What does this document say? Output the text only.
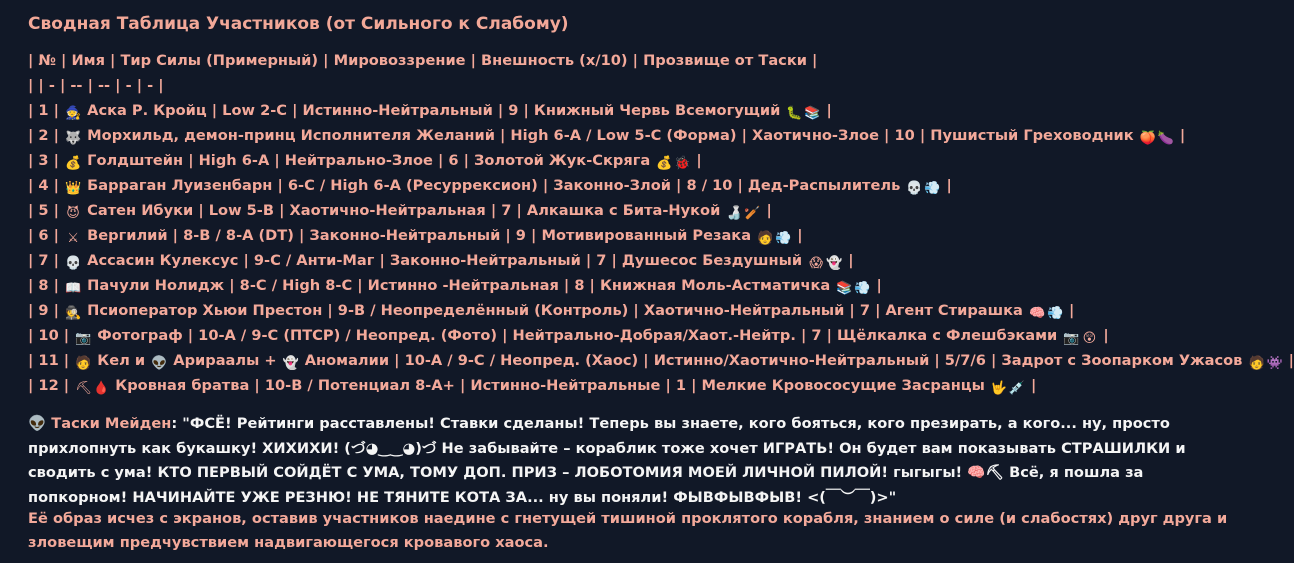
Сводная Таблица Участников (от Сильного к Слабому)
| № | Имя | Тир Силы (Примерный) | Мировоззрение | Внешность (x/10) | Прозвище от Таски |
| | - | -- | -- | - | - |
| 1 | 🧙 Аска Р. Кройц | Low 2-C | Истинно-Нейтральный | 9 | Книжный Червь Всемогущий 🐛 📚 |
| 2 | 🐺 Морхильд, демон-принц Исполнителя Желаний | High 6-A / Low 5-C (Форма) | Хаотично-Злое | 10 | Пушистый Греховодник 🍑 🍆 |
| 3 | 💰 Голдштейн | High 6-A | Нейтрально-Злое | 6 | Золотой Жук-Скряга 💰 🐞 |
| 4 | 👑 Барраган Луизенбарн | 6-C / High 6-A (Ресуррексион) | Законно-Злой | 8 / 10 | Дед-Распылитель 💀 💨 |
| 5 | 😈 Сатен Ибуки | Low 5-B | Хаотично-Нейтральная | 7 | Алкашка с Бита-Нукой 🍶 🏏 |
| 6 | ⚔ Вергилий | 8-B / 8-A (DT) | Законно-Нейтральный | 9 | Мотивированный Резака 🧑 💨 |
| 7 | 💀 Ассасин Кулексус | 9-C / Анти-Маг | Законно-Нейтральный | 7 | Душесос Бездушный 😱 👻 |
| 8 | 📖 Пачули Нолидж | 8-C / High 8-C | Истинно -Нейтральная | 8 | Книжная Моль-Астматичка 📚 💨 |
| 9 | 🕵 Псиоператор Хьюи Престон | 9-B / Неопределённый (Контроль) | Хаотично-Нейтральный | 7 | Агент Стирашка 🧠 💨 |
| 10 | 📷 Фотограф | 10-A / 9-C (ПТСР) / Неопред. (Фото) | Нейтрально-Добрая/Хаот.-Нейтр. | 7 | Щёлкалка с Флешбэками 📷 😲 |
| 11 | 🧑 Кел и 👽 Арираалы + 👻 Аномалии | 10-A / 9-C / Неопред. (Хаос) | Истинно/Хаотично-Нейтральный | 5/7/6 | Задрот с Зоопарком Ужасов 🧑 👾 |
| 12 | ⛏🩸 Кровная братва | 10-B / Потенциал 8-А+ | Истинно-Нейтральные | 1 | Мелкие Кровососущие Засранцы 🤟 💉 |
👽 Таски Мейден: "ФСЁ! Рейтинги расставлены! Ставки сделаны! Теперь вы знаете, кого бояться, кого презирать, а кого... ну, просто прихлопнуть как букашку! ХИХИХИ! (づ◕‿‿◕)づ Не забывайте – кораблик тоже хочет ИГРАТЬ! Он будет вам показывать СТРАШИЛКИ и сводить с ума! КТО ПЕРВЫЙ СОЙДЁТ С УМА, ТОМУ ДОП. ПРИЗ – ЛОБОТОМИЯ МОЕЙ ЛИЧНОЙ ПИЛОЙ! гыгыгы! 🧠⛏ Всё, я пошла за попкорном! НАЧИНАЙТЕ УЖЕ РЕЗНЮ! НЕ ТЯНИТЕ КОТА ЗА... ну вы поняли! ФЫВФЫВФЫВ! <(￣︶￣)>"
Её образ исчез с экранов, оставив участников наедине с гнетущей тишиной проклятого корабля, знанием о силе (и слабостях) друг друга и зловещим предчувствием надвигающегося кровавого хаоса.
